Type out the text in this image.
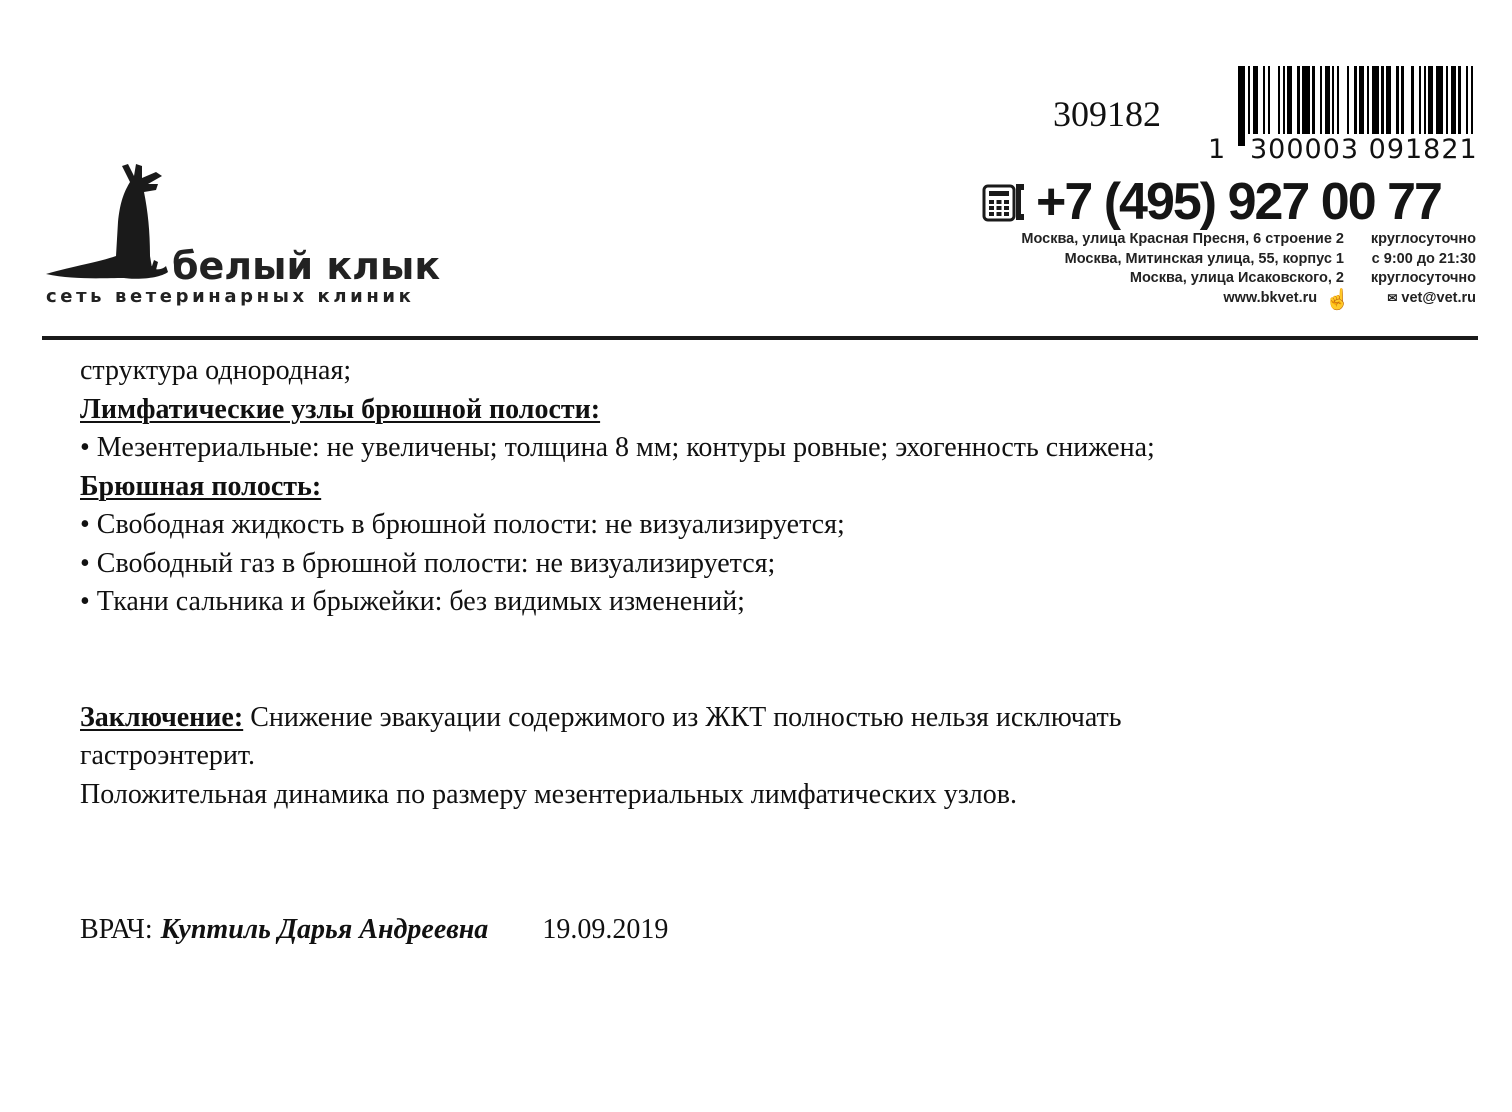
309182
1 300003 091821
+7 (495) 927 00 77
Москва, улица Красная Пресня, 6 строение 2	круглосуточно
Москва, Митинская улица, 55, корпус 1	с 9:00 до 21:30
Москва, улица Исаковского, 2	круглосуточно
www.bkvet.ru ☝	✉ vet@vet.ru
белый клык
сеть ветеринарных клиник

структура однородная;

Лимфатические узлы брюшной полости:

• Мезентериальные: не увеличены; толщина 8 мм; контуры ровные; эхогенность снижена;

Брюшная полость:

• Свободная жидкость в брюшной полости: не визуализируется;

• Свободный газ в брюшной полости: не визуализируется;

• Ткани сальника и брыжейки: без видимых изменений;

Заключение: Снижение эвакуации содержимого из ЖКТ полностью нельзя исключать гастроэнтерит.

Положительная динамика по размеру мезентериальных лимфатических узлов.

ВРАЧ: Куптиль Дарья Андреевна 19.09.2019
